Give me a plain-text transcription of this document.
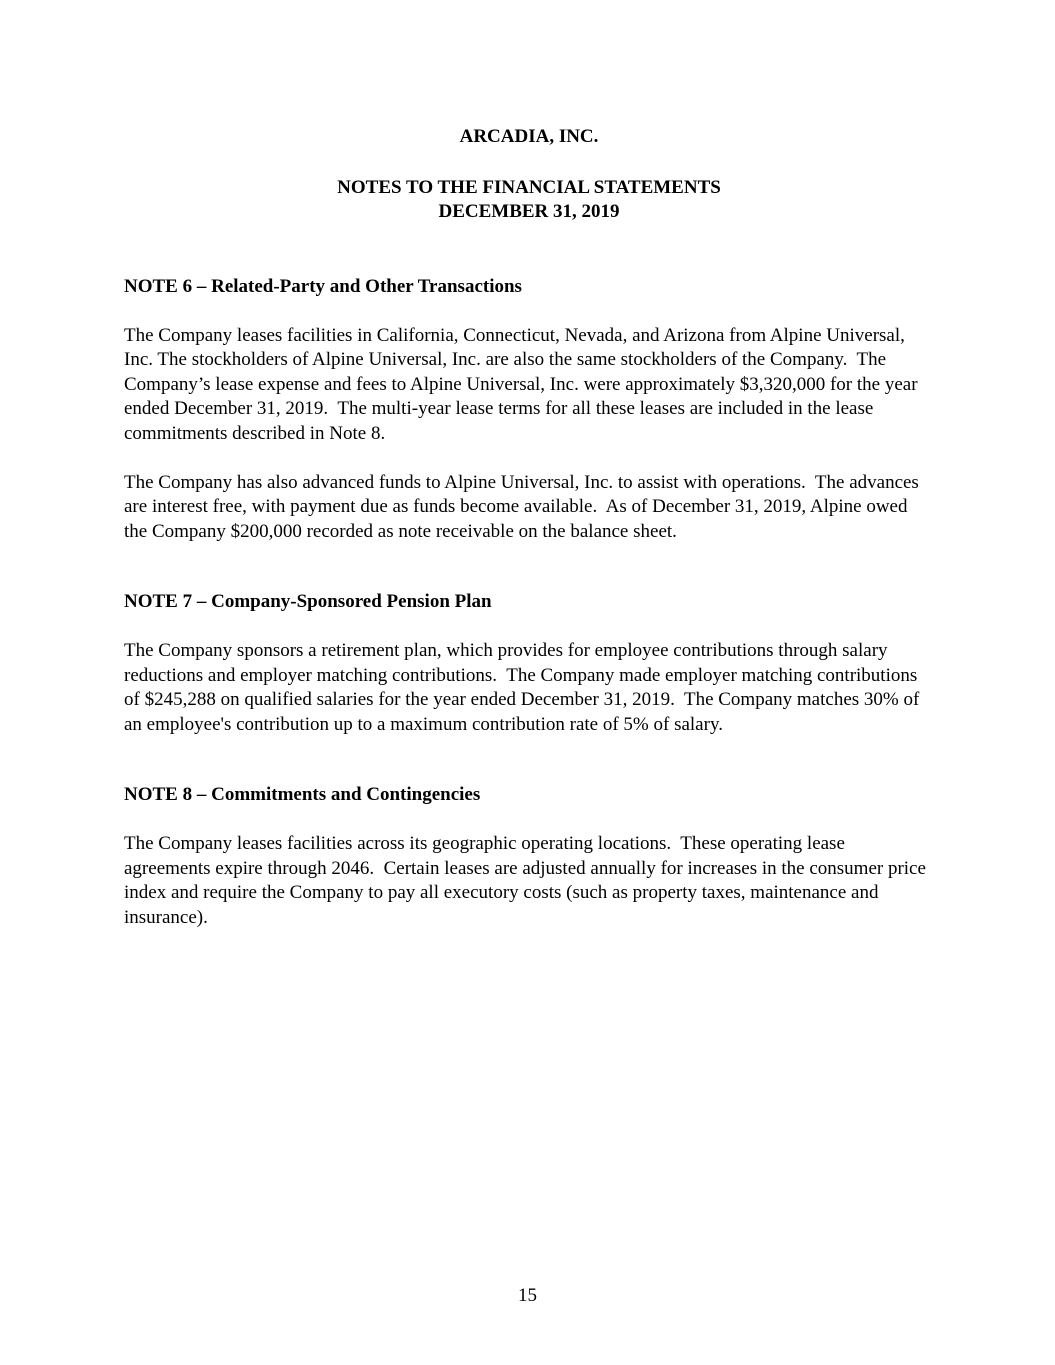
ARCADIA, INC.
NOTES TO THE FINANCIAL STATEMENTS
DECEMBER 31, 2019
NOTE 6 – Related-Party and Other Transactions

The Company leases facilities in California, Connecticut, Nevada, and Arizona from Alpine Universal, Inc. The stockholders of Alpine Universal, Inc. are also the same stockholders of the Company.  The Company’s lease expense and fees to Alpine Universal, Inc. were approximately $3,320,000 for the year ended December 31, 2019.  The multi-year lease terms for all these leases are included in the lease commitments described in Note 8.

The Company has also advanced funds to Alpine Universal, Inc. to assist with operations.  The advances are interest free, with payment due as funds become available.  As of December 31, 2019, Alpine owed the Company $200,000 recorded as note receivable on the balance sheet.

NOTE 7 – Company-Sponsored Pension Plan

The Company sponsors a retirement plan, which provides for employee contributions through salary reductions and employer matching contributions.  The Company made employer matching contributions of $245,288 on qualified salaries for the year ended December 31, 2019.  The Company matches 30% of an employee's contribution up to a maximum contribution rate of 5% of salary.

NOTE 8 – Commitments and Contingencies

The Company leases facilities across its geographic operating locations.  These operating lease agreements expire through 2046.  Certain leases are adjusted annually for increases in the consumer price index and require the Company to pay all executory costs (such as property taxes, maintenance and insurance).

15
